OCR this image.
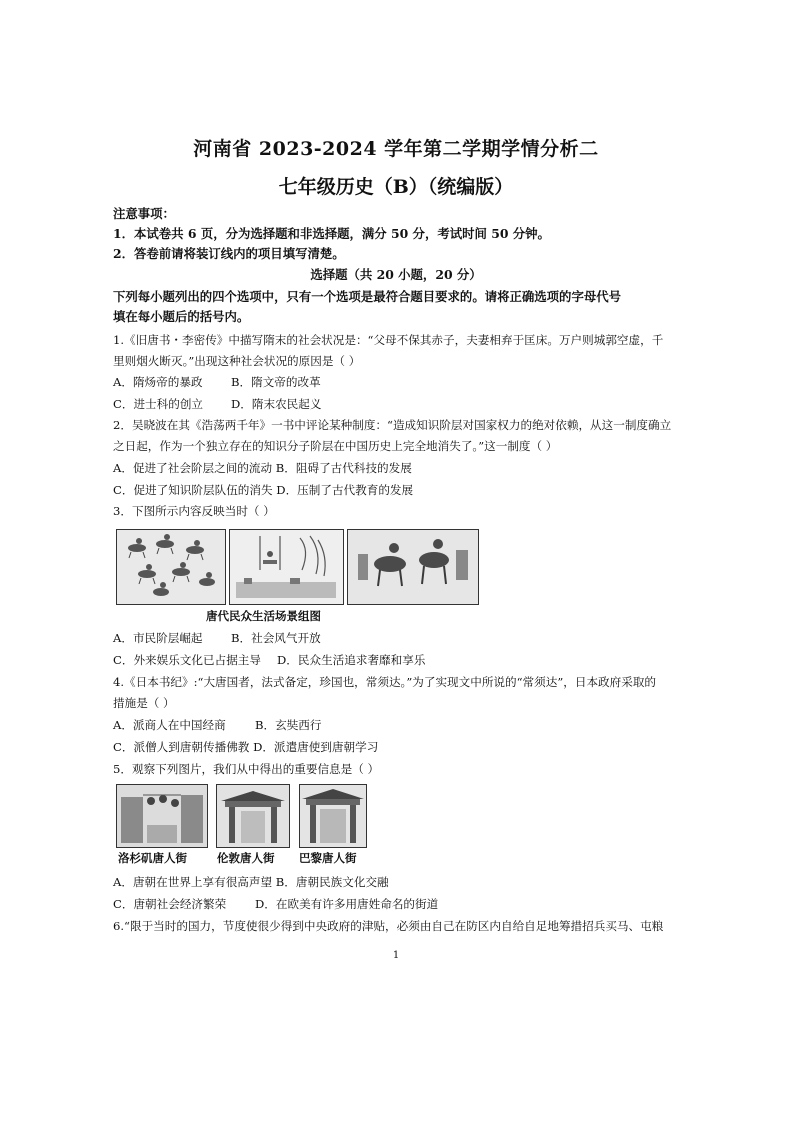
河南省 2023-2024 学年第二学期学情分析二
七年级历史（B）（统编版）
注意事项：
1．本试卷共 6 页，分为选择题和非选择题，满分 50 分，考试时间 50 分钟。
2．答卷前请将装订线内的项目填写清楚。
选择题（共 20 小题，20 分）
下列每小题列出的四个选项中，只有一个选项是最符合题目要求的。请将正确选项的字母代号
填在每小题后的括号内。
1.《旧唐书・李密传》中描写隋末的社会状况是：“父母不保其赤子，夫妻相弃于匡床。万户则城郭空虚，千
里则烟火断灭。”出现这种社会状况的原因是（ ）
A．隋炀帝的暴政 B．隋文帝的改革
C．进士科的创立 D．隋末农民起义
2．吴晓波在其《浩荡两千年》一书中评论某种制度：“造成知识阶层对国家权力的绝对依赖，从这一制度确立
之日起，作为一个独立存在的知识分子阶层在中国历史上完全地消失了。”这一制度（ ）
A．促进了社会阶层之间的流动 B．阻碍了古代科技的发展
C．促进了知识阶层队伍的消失 D．压制了古代教育的发展
3．下图所示内容反映当时（ ）
唐代民众生活场景组图
A．市民阶层崛起 B．社会风气开放
C．外来娱乐文化已占据主导 D．民众生活追求奢靡和享乐
4.《日本书纪》:“大唐国者，法式备定，珍国也，常须达。”为了实现文中所说的“常须达”，日本政府采取的
措施是（ ）
A．派商人在中国经商	B．玄奘西行
C．派僧人到唐朝传播佛教 D．派遣唐使到唐朝学习
5．观察下列图片，我们从中得出的重要信息是（ ）
洛杉矶唐人街	伦敦唐人街 巴黎唐人街
A．唐朝在世界上享有很高声望 B．唐朝民族文化交融
C．唐朝社会经济繁荣 D．在欧美有许多用唐姓命名的街道
6.“限于当时的国力，节度使很少得到中央政府的津贴，必须由自己在防区内自给自足地筹措招兵买马、屯粮
1
